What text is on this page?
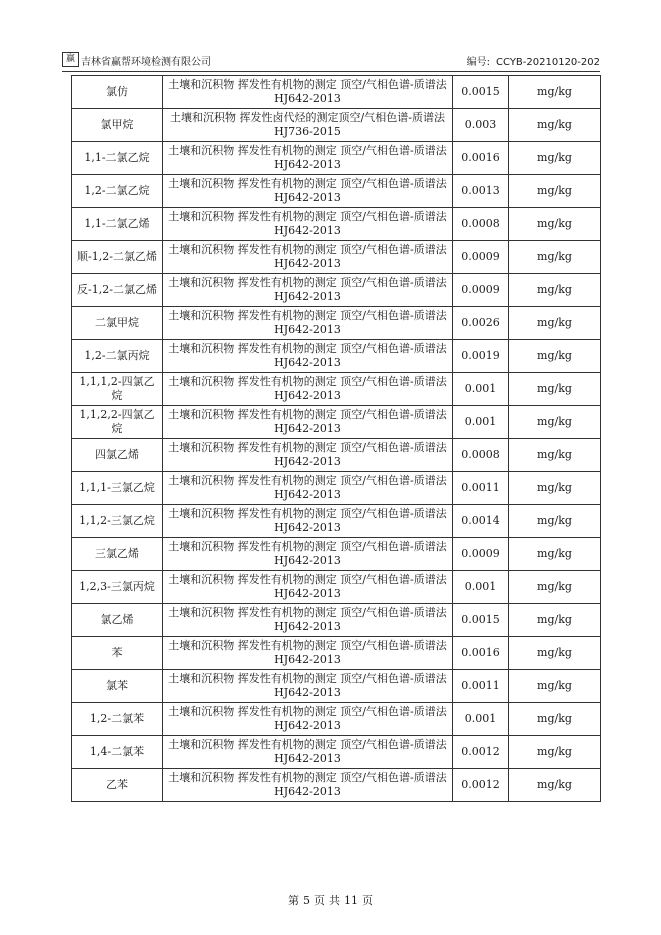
赢 吉林省赢帮环境检测有限公司	编号: CCYB-20210120-202
氯仿	土壤和沉积物 挥发性有机物的测定 顶空/气相色谱-质谱法 HJ642-2013	0.0015	mg/kg
氯甲烷	土壤和沉积物 挥发性卤代烃的测定顶空/气相色谱-质谱法 HJ736-2015	0.003	mg/kg
1,1-二氯乙烷	土壤和沉积物 挥发性有机物的测定 顶空/气相色谱-质谱法 HJ642-2013	0.0016	mg/kg
1,2-二氯乙烷	土壤和沉积物 挥发性有机物的测定 顶空/气相色谱-质谱法 HJ642-2013	0.0013	mg/kg
1,1-二氯乙烯	土壤和沉积物 挥发性有机物的测定 顶空/气相色谱-质谱法 HJ642-2013	0.0008	mg/kg
顺-1,2-二氯乙烯	土壤和沉积物 挥发性有机物的测定 顶空/气相色谱-质谱法 HJ642-2013	0.0009	mg/kg
反-1,2-二氯乙烯	土壤和沉积物 挥发性有机物的测定 顶空/气相色谱-质谱法 HJ642-2013	0.0009	mg/kg
二氯甲烷	土壤和沉积物 挥发性有机物的测定 顶空/气相色谱-质谱法 HJ642-2013	0.0026	mg/kg
1,2-二氯丙烷	土壤和沉积物 挥发性有机物的测定 顶空/气相色谱-质谱法 HJ642-2013	0.0019	mg/kg
1,1,1,2-四氯乙烷	土壤和沉积物 挥发性有机物的测定 顶空/气相色谱-质谱法 HJ642-2013	0.001	mg/kg
1,1,2,2-四氯乙烷	土壤和沉积物 挥发性有机物的测定 顶空/气相色谱-质谱法 HJ642-2013	0.001	mg/kg
四氯乙烯	土壤和沉积物 挥发性有机物的测定 顶空/气相色谱-质谱法 HJ642-2013	0.0008	mg/kg
1,1,1-三氯乙烷	土壤和沉积物 挥发性有机物的测定 顶空/气相色谱-质谱法 HJ642-2013	0.0011	mg/kg
1,1,2-三氯乙烷	土壤和沉积物 挥发性有机物的测定 顶空/气相色谱-质谱法 HJ642-2013	0.0014	mg/kg
三氯乙烯	土壤和沉积物 挥发性有机物的测定 顶空/气相色谱-质谱法 HJ642-2013	0.0009	mg/kg
1,2,3-三氯丙烷	土壤和沉积物 挥发性有机物的测定 顶空/气相色谱-质谱法 HJ642-2013	0.001	mg/kg
氯乙烯	土壤和沉积物 挥发性有机物的测定 顶空/气相色谱-质谱法 HJ642-2013	0.0015	mg/kg
苯	土壤和沉积物 挥发性有机物的测定 顶空/气相色谱-质谱法 HJ642-2013	0.0016	mg/kg
氯苯	土壤和沉积物 挥发性有机物的测定 顶空/气相色谱-质谱法 HJ642-2013	0.0011	mg/kg
1,2-二氯苯	土壤和沉积物 挥发性有机物的测定 顶空/气相色谱-质谱法 HJ642-2013	0.001	mg/kg
1,4-二氯苯	土壤和沉积物 挥发性有机物的测定 顶空/气相色谱-质谱法 HJ642-2013	0.0012	mg/kg
乙苯	土壤和沉积物 挥发性有机物的测定 顶空/气相色谱-质谱法 HJ642-2013	0.0012	mg/kg
第 5 页 共 11 页
